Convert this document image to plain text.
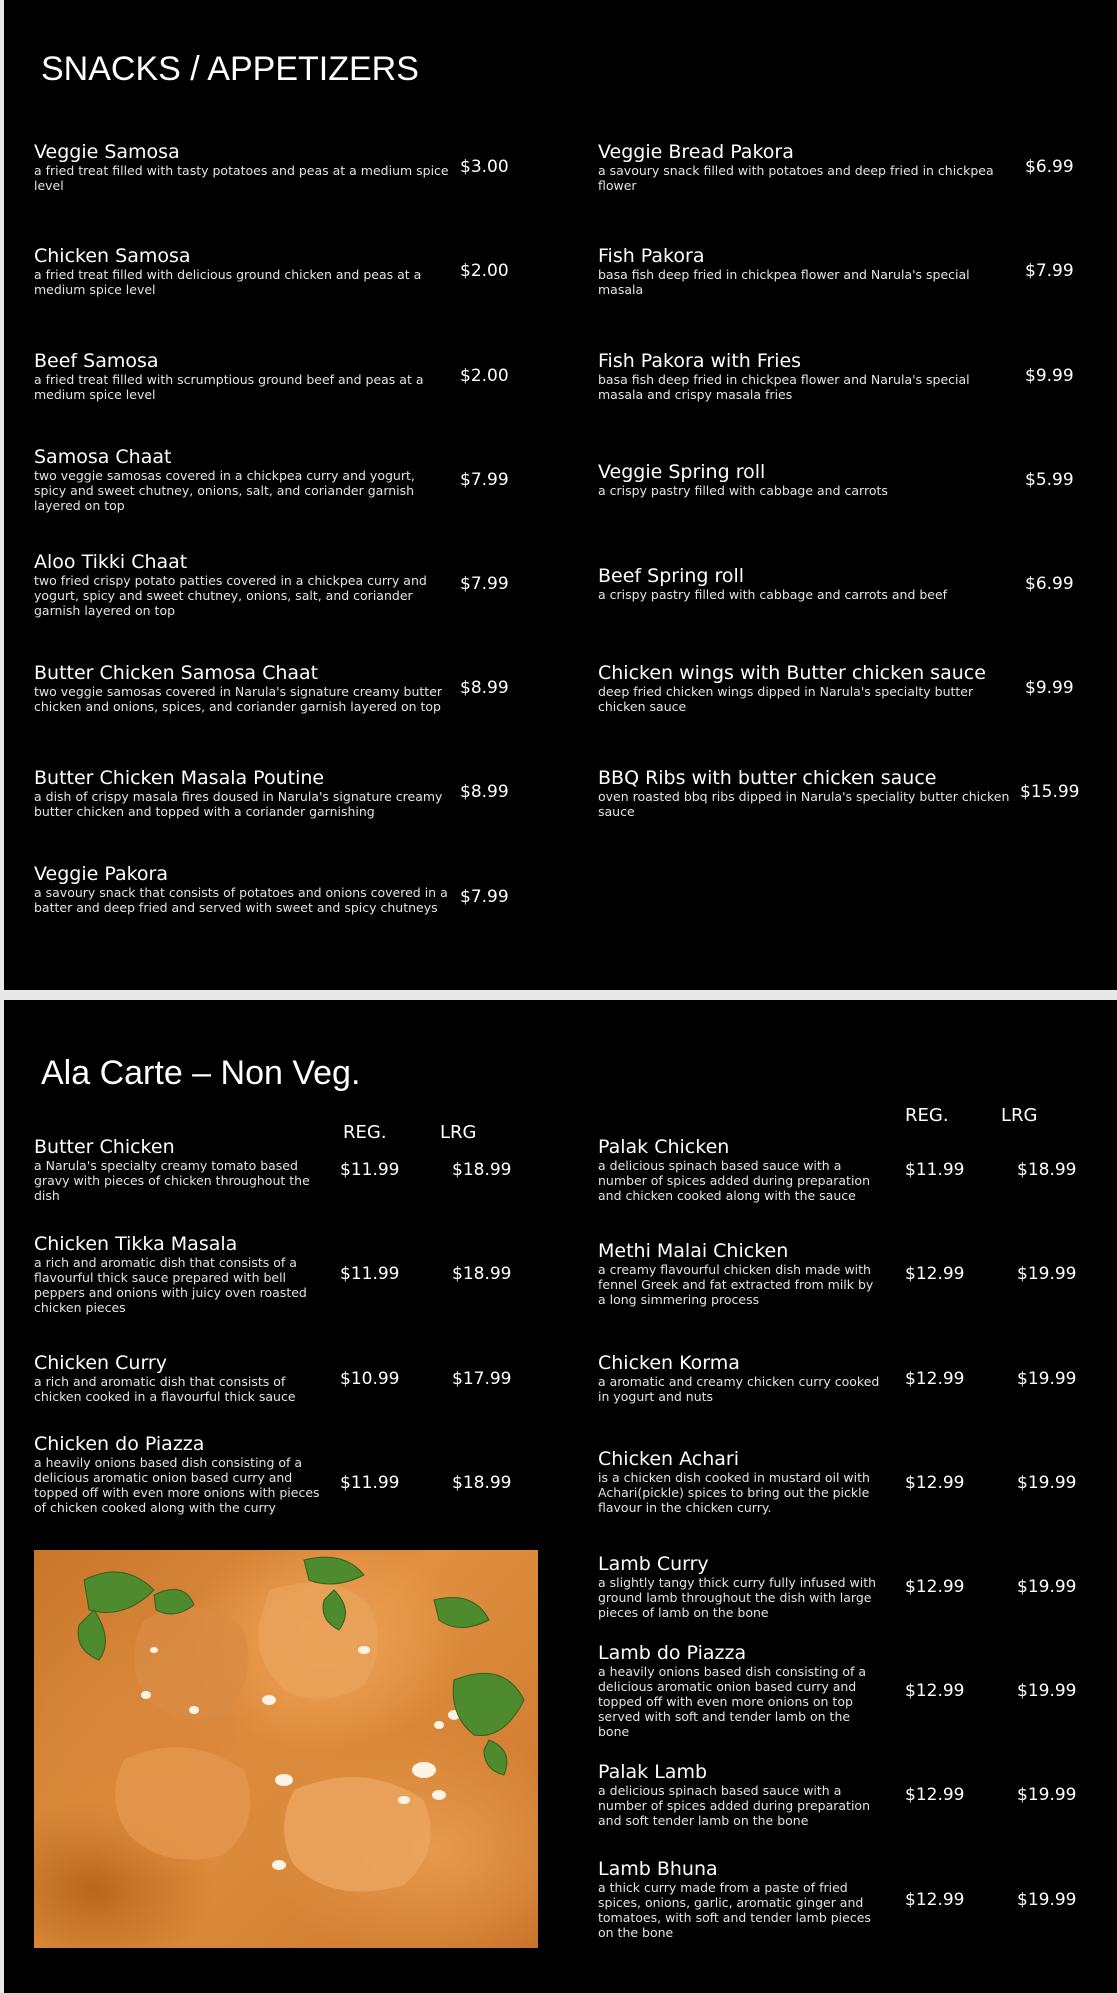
SNACKS / APPETIZERS
Veggie Samosa
a fried treat filled with tasty potatoes and peas at a medium spice level
$3.00
Chicken Samosa
a fried treat filled with delicious ground chicken and peas at a medium spice level
$2.00
Beef Samosa
a fried treat filled with scrumptious ground beef and peas at a medium spice level
$2.00
Samosa Chaat
two veggie samosas covered in a chickpea curry and yogurt, spicy and sweet chutney, onions, salt, and coriander garnish layered on top
$7.99
Aloo Tikki Chaat
two fried crispy potato patties covered in a chickpea curry and yogurt, spicy and sweet chutney, onions, salt, and coriander garnish layered on top
$7.99
Butter Chicken Samosa Chaat
two veggie samosas covered in Narula's signature creamy butter chicken and onions, spices, and coriander garnish layered on top
$8.99
Butter Chicken Masala Poutine
a dish of crispy masala fires doused in Narula's signature creamy butter chicken and topped with a coriander garnishing
$8.99
Veggie Pakora
a savoury snack that consists of potatoes and onions covered in a batter and deep fried and served with sweet and spicy chutneys
$7.99
Veggie Bread Pakora
a savoury snack filled with potatoes and deep fried in chickpea flower
$6.99
Fish Pakora
basa fish deep fried in chickpea flower and Narula's special masala
$7.99
Fish Pakora with Fries
basa fish deep fried in chickpea flower and Narula's special masala and crispy masala fries
$9.99
Veggie Spring roll
a crispy pastry filled with cabbage and carrots
$5.99
Beef Spring roll
a crispy pastry filled with cabbage and carrots and beef
$6.99
Chicken wings with Butter chicken sauce
deep fried chicken wings dipped in Narula's specialty butter chicken sauce
$9.99
BBQ Ribs with butter chicken sauce
oven roasted bbq ribs dipped in Narula's speciality butter chicken sauce
$15.99
Ala Carte – Non Veg.
REG.	LRG
REG.	LRG
Butter Chicken
a Narula's specialty creamy tomato based gravy with pieces of chicken throughout the dish
$11.99	$18.99
Chicken Tikka Masala
a rich and aromatic dish that consists of a flavourful thick sauce prepared with bell peppers and onions with juicy oven roasted chicken pieces
$11.99	$18.99
Chicken Curry
a rich and aromatic dish that consists of chicken cooked in a flavourful thick sauce
$10.99	$17.99
Chicken do Piazza
a heavily onions based dish consisting of a delicious aromatic onion based curry and topped off with even more onions with pieces of chicken cooked along with the curry
$11.99	$18.99
Palak Chicken
a delicious spinach based sauce with a number of spices added during preparation and chicken cooked along with the sauce
$11.99	$18.99
Methi Malai Chicken
a creamy flavourful chicken dish made with fennel Greek and fat extracted from milk by a long simmering process
$12.99	$19.99
Chicken Korma
a aromatic and creamy chicken curry cooked in yogurt and nuts
$12.99	$19.99
Chicken Achari
is a chicken dish cooked in mustard oil with Achari(pickle) spices to bring out the pickle flavour in the chicken curry.
$12.99	$19.99
Lamb Curry
a slightly tangy thick curry fully infused with ground lamb throughout the dish with large pieces of lamb on the bone
$12.99	$19.99
Lamb do Piazza
a heavily onions based dish consisting of a delicious aromatic onion based curry and topped off with even more onions on top served with soft and tender lamb on the bone
$12.99	$19.99
Palak Lamb
a delicious spinach based sauce with a number of spices added during preparation and soft tender lamb on the bone
$12.99	$19.99
Lamb Bhuna
a thick curry made from a paste of fried spices, onions, garlic, aromatic ginger and tomatoes, with soft and tender lamb pieces on the bone
$12.99	$19.99
